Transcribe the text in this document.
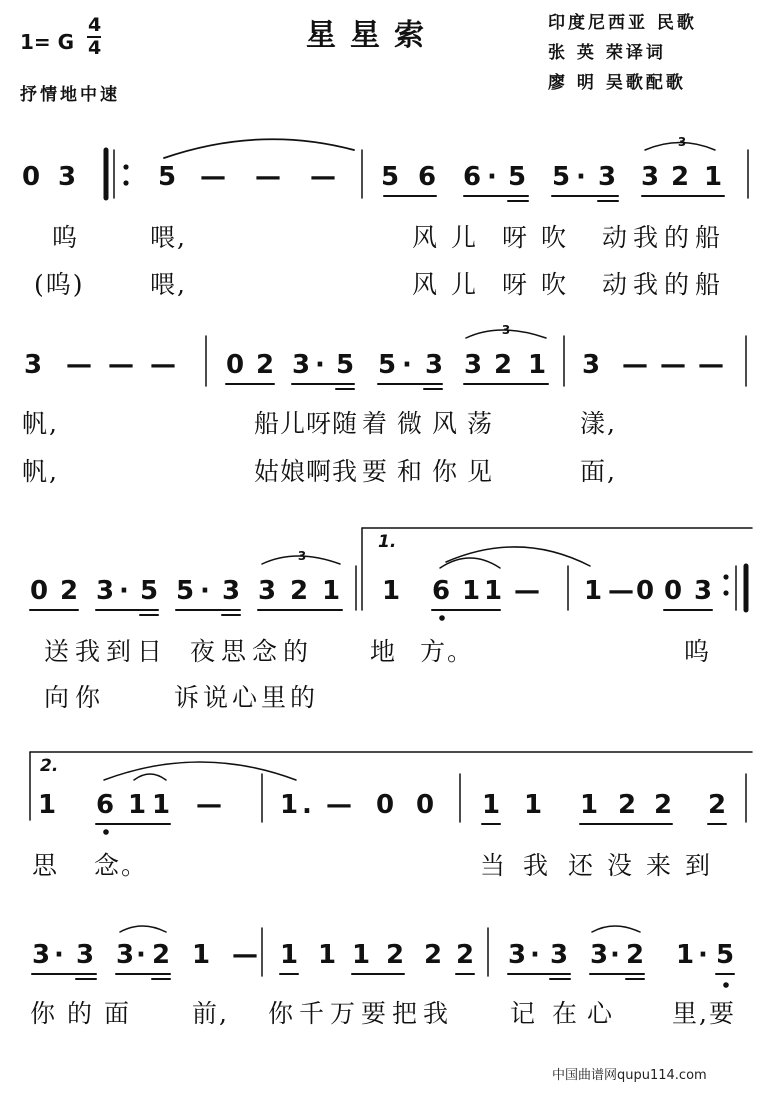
1= G
4
4	星星索	印度尼西亚 民歌
张 英 荣译词
廖 明 吴歌配歌
抒情地中速
0 3	5 — — — 5 6 6 · 5 5 · 3 3 2 1
呜	喂,	风儿 呀吹 动我的船
(呜)	喂,	风儿 呀吹 动我的船
3 — — — 0 2 3 · 5 5 · 3 3 2 1 3 — — —
帆,	船儿呀随 着微风荡	漾,
帆,	姑娘啊我 要和你见	面,
0 2 3 · 5 5 · 3 3 2 1 1 6 1 1 — 1 — 0 0 3
1.
送我到日 夜思念的 地 方。	呜
向你	诉说心里的
2.
1 6 1 1 — 1 . — 0 0 1 1 1 2 2 2
思 念。	当我 还没来到
3 · 3 3 · 2 1 — 1 1 1 2 2 2 3 · 3 3 · 2 1 · 5
你的面 前, 你千万要把我 记 在心 里,要
3
3
3
中国曲谱网qupu114.com
